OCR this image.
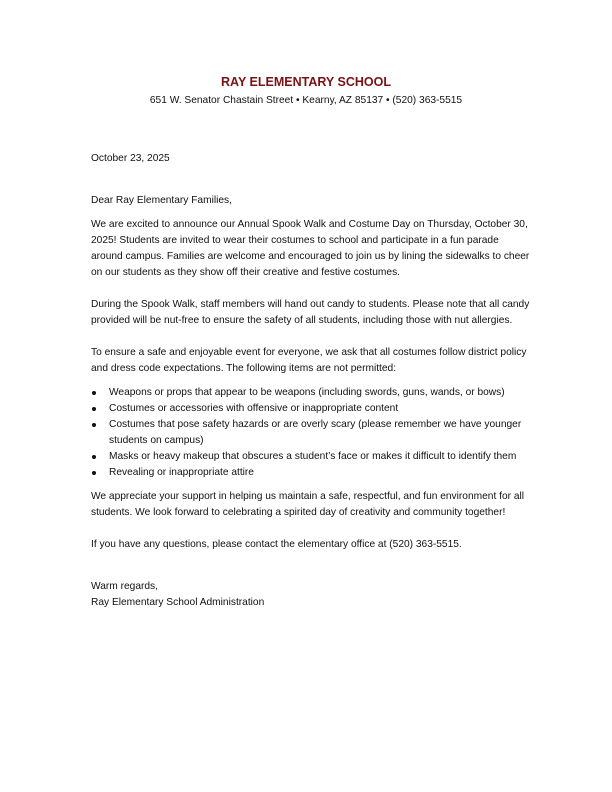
RAY ELEMENTARY SCHOOL
651 W. Senator Chastain Street • Kearny, AZ 85137 • (520) 363-5515

October 23, 2025

Dear Ray Elementary Families,

We are excited to announce our Annual Spook Walk and Costume Day on Thursday, October 30, 2025! Students are invited to wear their costumes to school and participate in a fun parade around campus. Families are welcome and encouraged to join us by lining the sidewalks to cheer on our students as they show off their creative and festive costumes.

During the Spook Walk, staff members will hand out candy to students. Please note that all candy provided will be nut-free to ensure the safety of all students, including those with nut allergies.

To ensure a safe and enjoyable event for everyone, we ask that all costumes follow district policy and dress code expectations. The following items are not permitted:

Weapons or props that appear to be weapons (including swords, guns, wands, or bows)
Costumes or accessories with offensive or inappropriate content
Costumes that pose safety hazards or are overly scary (please remember we have younger students on campus)
Masks or heavy makeup that obscures a student’s face or makes it difficult to identify them
Revealing or inappropriate attire

We appreciate your support in helping us maintain a safe, respectful, and fun environment for all students. We look forward to celebrating a spirited day of creativity and community together!

If you have any questions, please contact the elementary office at (520) 363-5515.

Warm regards,

Ray Elementary School Administration
